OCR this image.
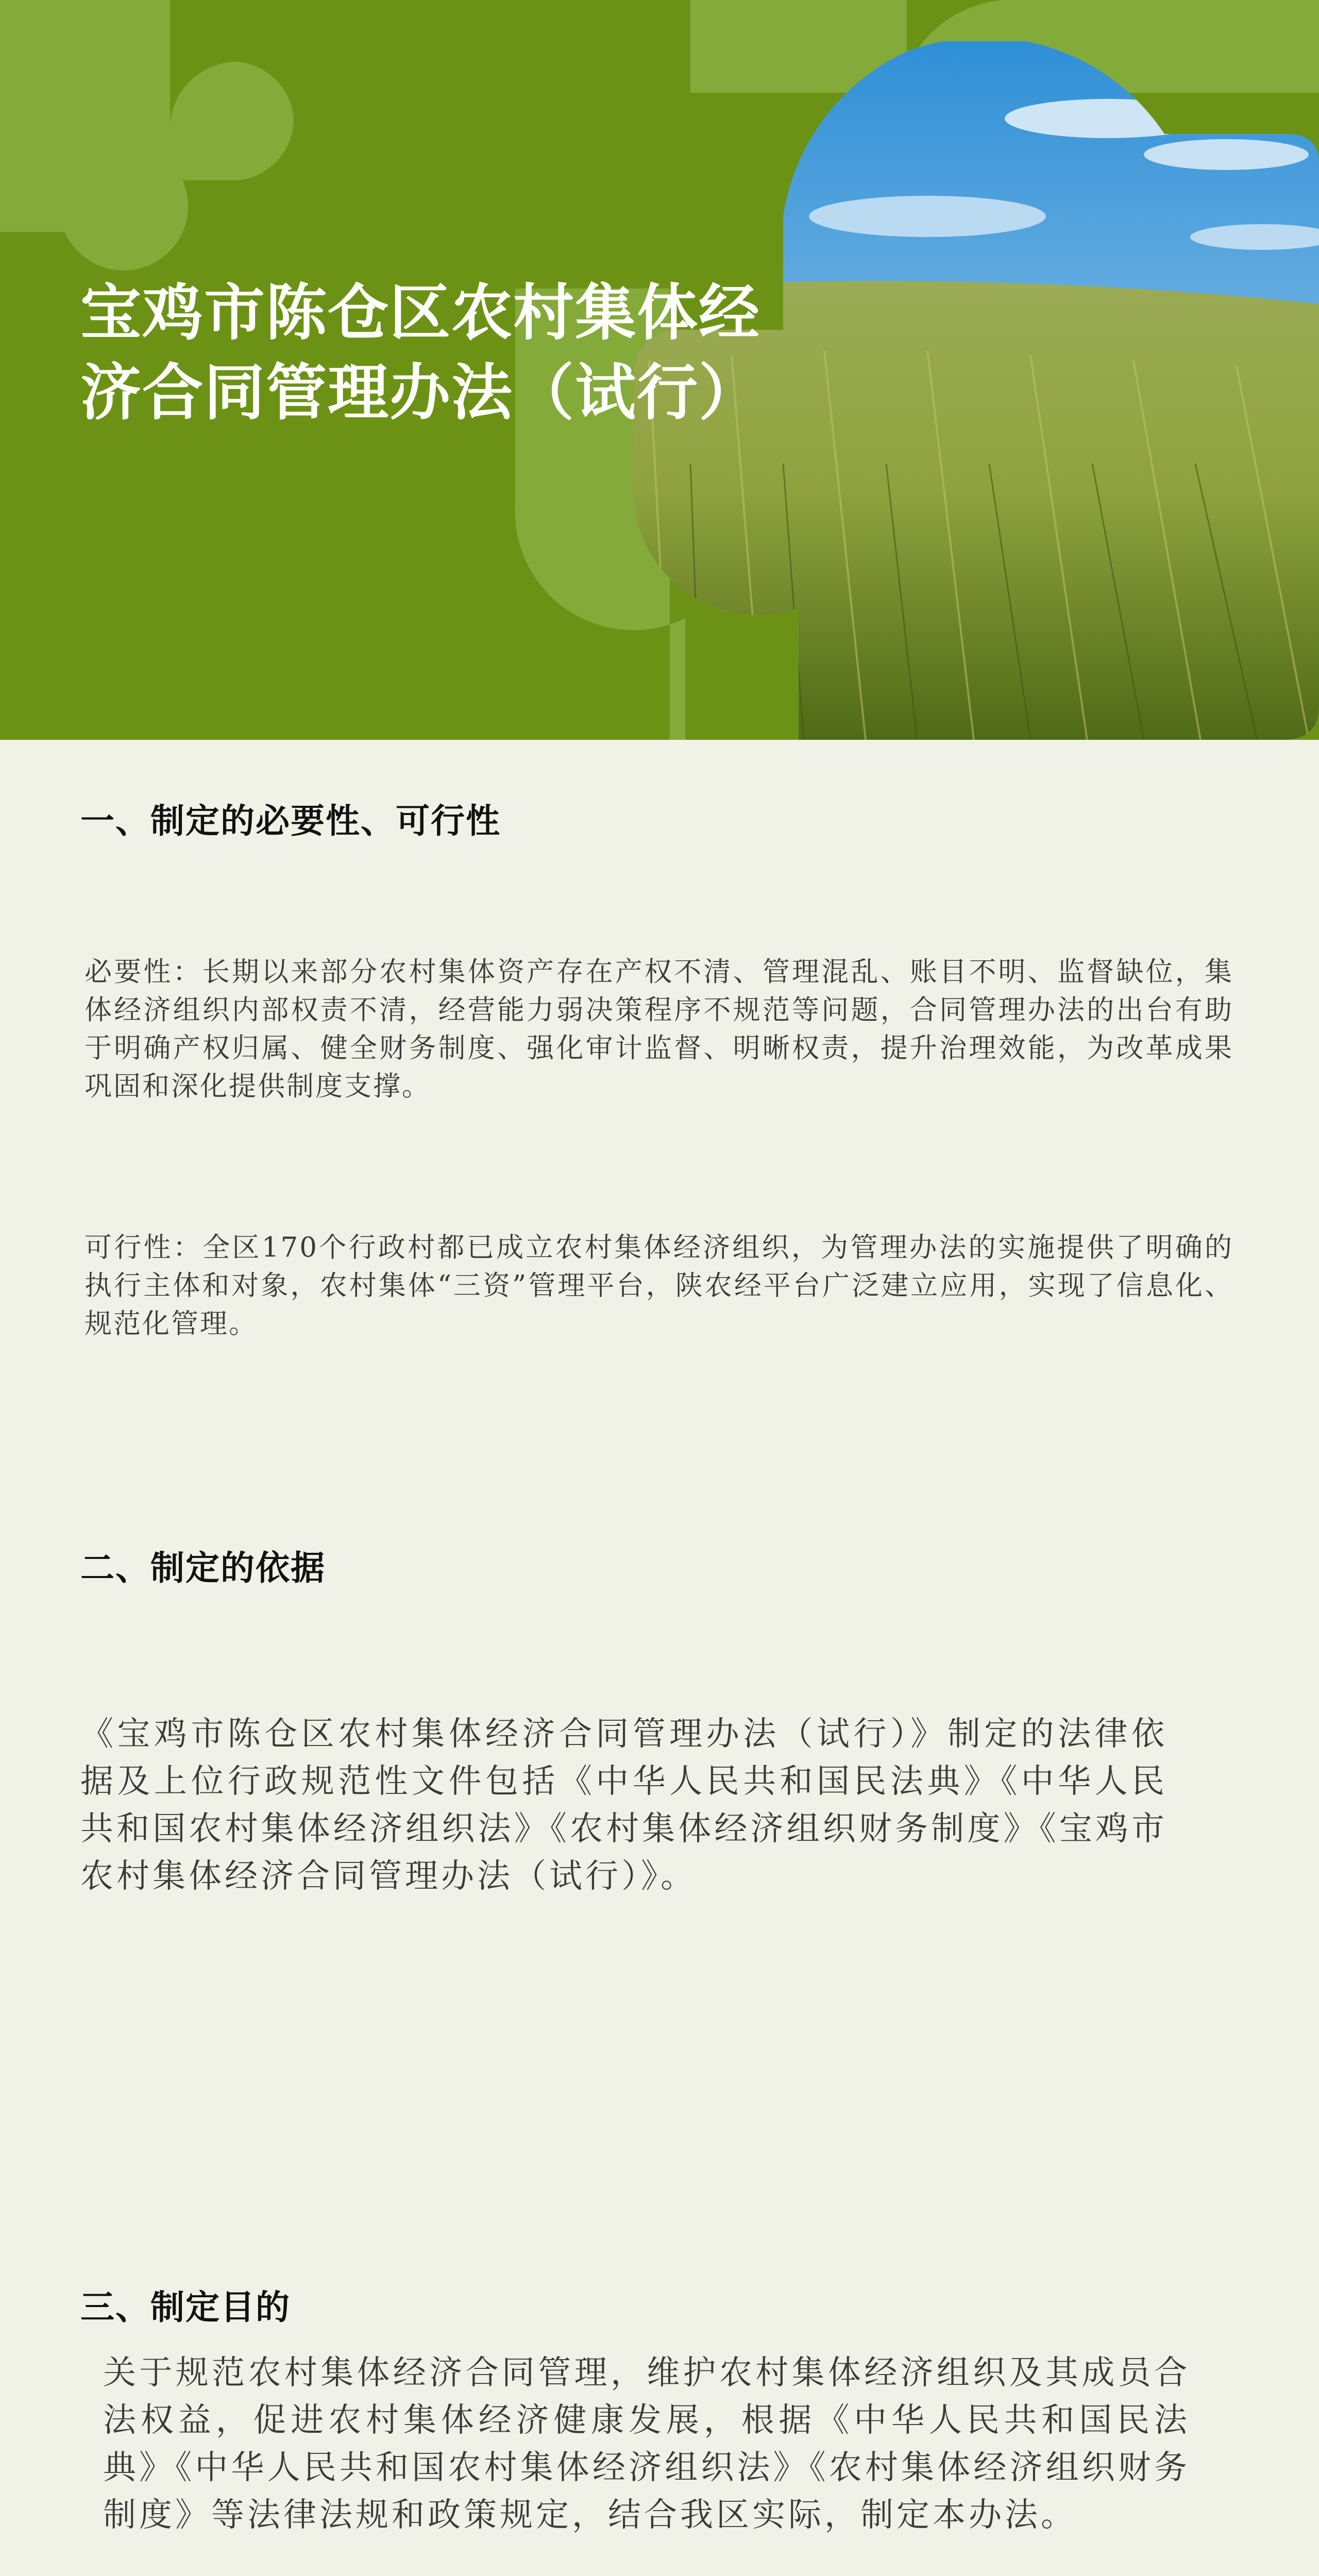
宝鸡市陈仓区农村集体经
济合同管理办法（试行）
一、制定的必要性、可行性

必要性：长期以来部分农村集体资产存在产权不清、管理混乱、账目不明、监督缺位，集体经济组织内部权责不清，经营能力弱决策程序不规范等问题，合同管理办法的出台有助于明确产权归属、健全财务制度、强化审计监督、明晰权责，提升治理效能，为改革成果巩固和深化提供制度支撑。

可行性：全区170个行政村都已成立农村集体经济组织，为管理办法的实施提供了明确的执行主体和对象，农村集体“三资”管理平台，陕农经平台广泛建立应用，实现了信息化、规范化管理。

二、制定的依据

《宝鸡市陈仓区农村集体经济合同管理办法（试行）》制定的法律依据及上位行政规范性文件包括《中华人民共和国民法典》《中华人民共和国农村集体经济组织法》《农村集体经济组织财务制度》《宝鸡市农村集体经济合同管理办法（试行）》。

三、制定目的

关于规范农村集体经济合同管理，维护农村集体经济组织及其成员合法权益，促进农村集体经济健康发展，根据《中华人民共和国民法典》《中华人民共和国农村集体经济组织法》《农村集体经济组织财务制度》等法律法规和政策规定，结合我区实际，制定本办法。
